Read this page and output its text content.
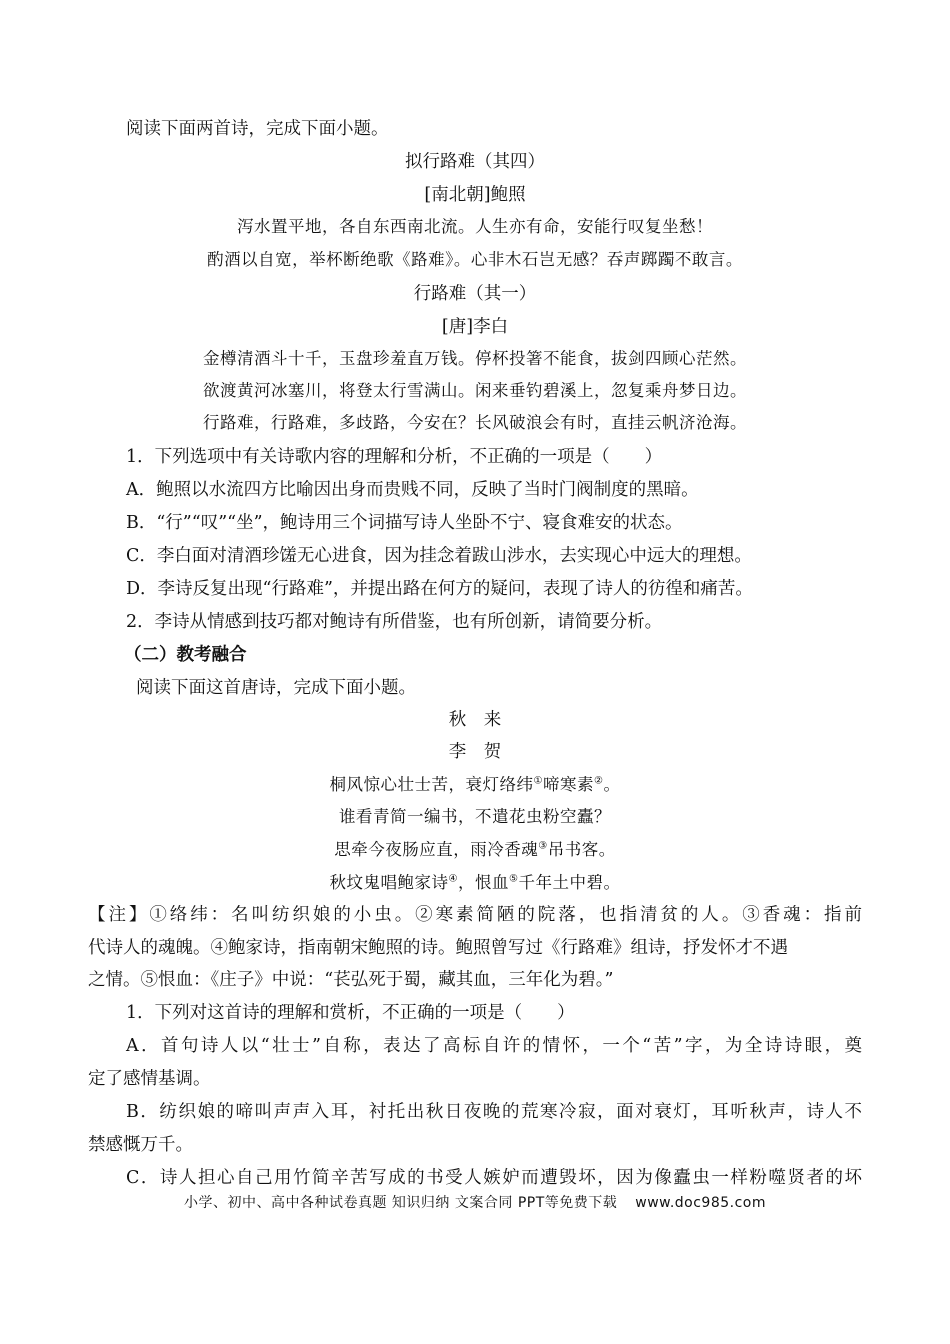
阅读下面两首诗，完成下面小题。
拟行路难（其四）
[南北朝]鲍照
泻水置平地，各自东西南北流。人生亦有命，安能行叹复坐愁！
酌酒以自宽，举杯断绝歌《路难》。心非木石岂无感？吞声踯躅不敢言。
行路难（其一）
[唐]李白
金樽清酒斗十千，玉盘珍羞直万钱。停杯投箸不能食，拔剑四顾心茫然。
欲渡黄河冰塞川，将登太行雪满山。闲来垂钓碧溪上，忽复乘舟梦日边。
行路难，行路难，多歧路，今安在？长风破浪会有时，直挂云帆济沧海。
1．下列选项中有关诗歌内容的理解和分析，不正确的一项是（　　）
A．鲍照以水流四方比喻因出身而贵贱不同，反映了当时门阀制度的黑暗。
B．“行”“叹”“坐”，鲍诗用三个词描写诗人坐卧不宁、寝食难安的状态。
C．李白面对清酒珍馐无心进食，因为挂念着跋山涉水，去实现心中远大的理想。
D．李诗反复出现“行路难”，并提出路在何方的疑问，表现了诗人的彷徨和痛苦。
2．李诗从情感到技巧都对鲍诗有所借鉴，也有所创新，请简要分析。
（二）教考融合
阅读下面这首唐诗，完成下面小题。
秋　来
李　贺
桐风惊心壮士苦，衰灯络纬①啼寒素②。
谁看青简一编书，不遣花虫粉空蠹？
思牵今夜肠应直，雨冷香魂③吊书客。
秋坟鬼唱鲍家诗④，恨血⑤千年土中碧。
【注】①络纬：名叫纺织娘的小虫。②寒素简陋的院落，也指清贫的人。③香魂：指前
代诗人的魂魄。④鲍家诗，指南朝宋鲍照的诗。鲍照曾写过《行路难》组诗，抒发怀才不遇
之情。⑤恨血：《庄子》中说：“苌弘死于蜀，藏其血，三年化为碧。”
1．下列对这首诗的理解和赏析，不正确的一项是（　　）
A．首句诗人以“壮士”自称，表达了高标自许的情怀，一个“苦”字，为全诗诗眼，奠
定了感情基调。
B．纺织娘的啼叫声声入耳，衬托出秋日夜晚的荒寒冷寂，面对衰灯，耳听秋声，诗人不
禁感慨万千。
C．诗人担心自己用竹简辛苦写成的书受人嫉妒而遭毁坏，因为像蠹虫一样粉噬贤者的坏
小学、初中、高中各种试卷真题 知识归纳 文案合同 PPT等免费下载 www.doc985.com
